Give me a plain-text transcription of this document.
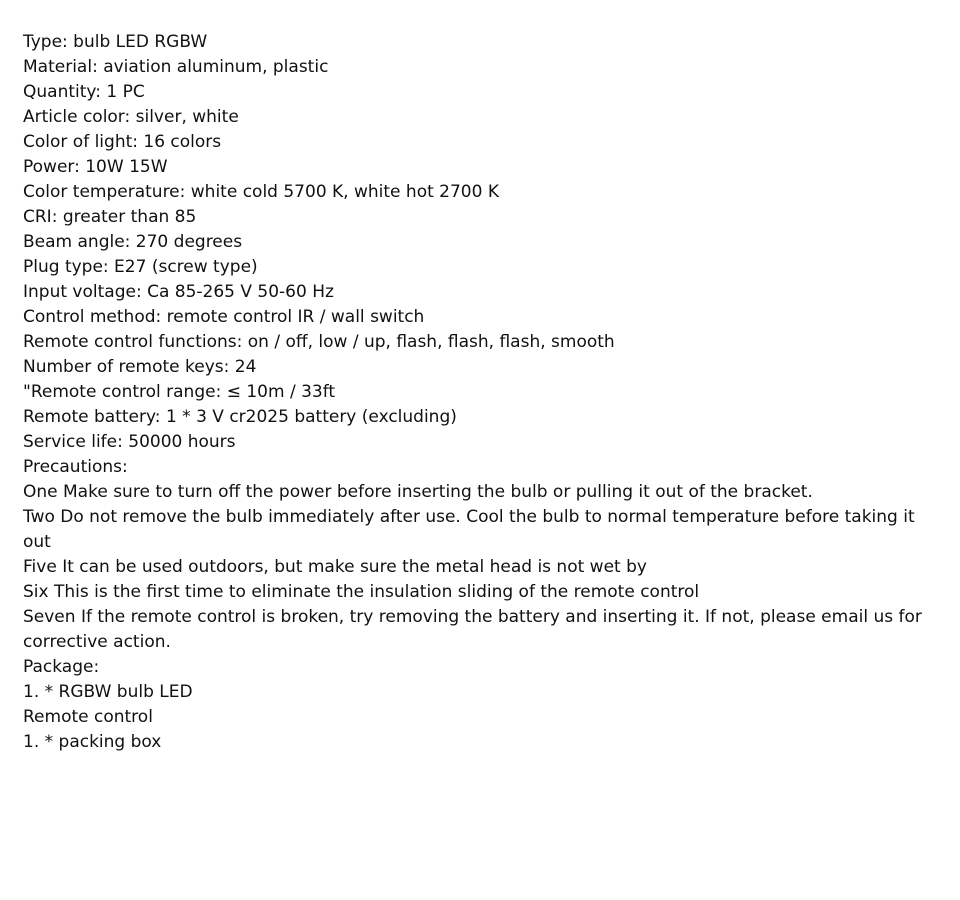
Type: bulb LED RGBW

Material: aviation aluminum, plastic

Quantity: 1 PC

Article color: silver, white

Color of light: 16 colors

Power: 10W 15W

Color temperature: white cold 5700 K, white hot 2700 K

CRI: greater than 85

Beam angle: 270 degrees

Plug type: E27 (screw type)

Input voltage: Ca 85-265 V 50-60 Hz

Control method: remote control IR / wall switch

Remote control functions: on / off, low / up, flash, flash, flash, smooth

Number of remote keys: 24

"Remote control range: ≤ 10m / 33ft

Remote battery: 1 * 3 V cr2025 battery (excluding)

Service life: 50000 hours

Precautions:

One Make sure to turn off the power before inserting the bulb or pulling it out of the bracket.

Two Do not remove the bulb immediately after use. Cool the bulb to normal temperature before taking it out

Five It can be used outdoors, but make sure the metal head is not wet by

Six This is the first time to eliminate the insulation sliding of the remote control

Seven If the remote control is broken, try removing the battery and inserting it. If not, please email us for corrective action.

Package:

1. * RGBW bulb LED

Remote control

1. * packing box
